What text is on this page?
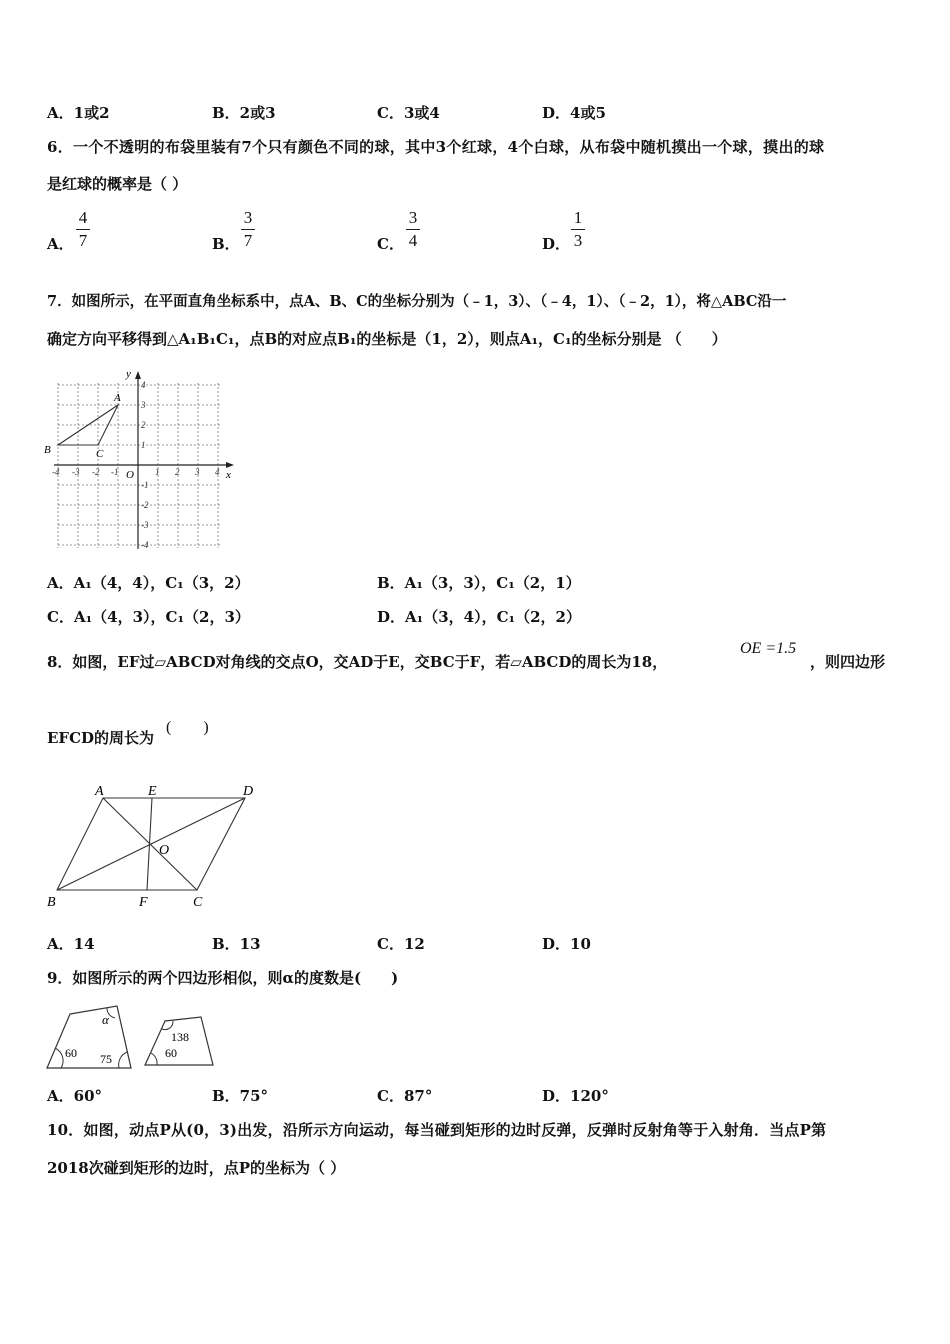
A．1或2	B．2或3	C．3或4	D．4或5
6．一个不透明的布袋里装有7个只有颜色不同的球，其中3个红球，4个白球，从布袋中随机摸出一个球，摸出的球
是红球的概率是（ ）
A．
4
7	B．
3
7	C．
3
4	D．
1
3
7．如图所示，在平面直角坐标系中，点A、B、C的坐标分别为（﹣1，3）、（﹣4，1）、（﹣2，1），将△ABC沿一
确定方向平移得到△A₁B₁C₁，点B的对应点B₁的坐标是（1，2），则点A₁，C₁的坐标分别是 （　　）
y
x
O
A
B	C
-4 -3 -2 -1	1 2 3 4
4
3
2
1
-1
-2
-3
-4
A．A₁（4，4），C₁（3，2）	B．A₁（3，3），C₁（2，1）
C．A₁（4，3），C₁（2，3）	D．A₁（3，4），C₁（2，2）
8．如图，EF过▱ABCD对角线的交点O，交AD于E，交BC于F，若▱ABCD的周长为18，
OE =1.5
，则四边形
EFCD的周长为
(　　)
A	E	D
O
B	F	C
A．14	B．13	C．12	D．10
9．如图所示的两个四边形相似，则α的度数是(　　)
α
60 75
138
60
A．60°	B．75°	C．87°	D．120°
10．如图，动点P从(0，3)出发，沿所示方向运动，每当碰到矩形的边时反弹，反弹时反射角等于入射角．当点P第
2018次碰到矩形的边时，点P的坐标为（ ）
